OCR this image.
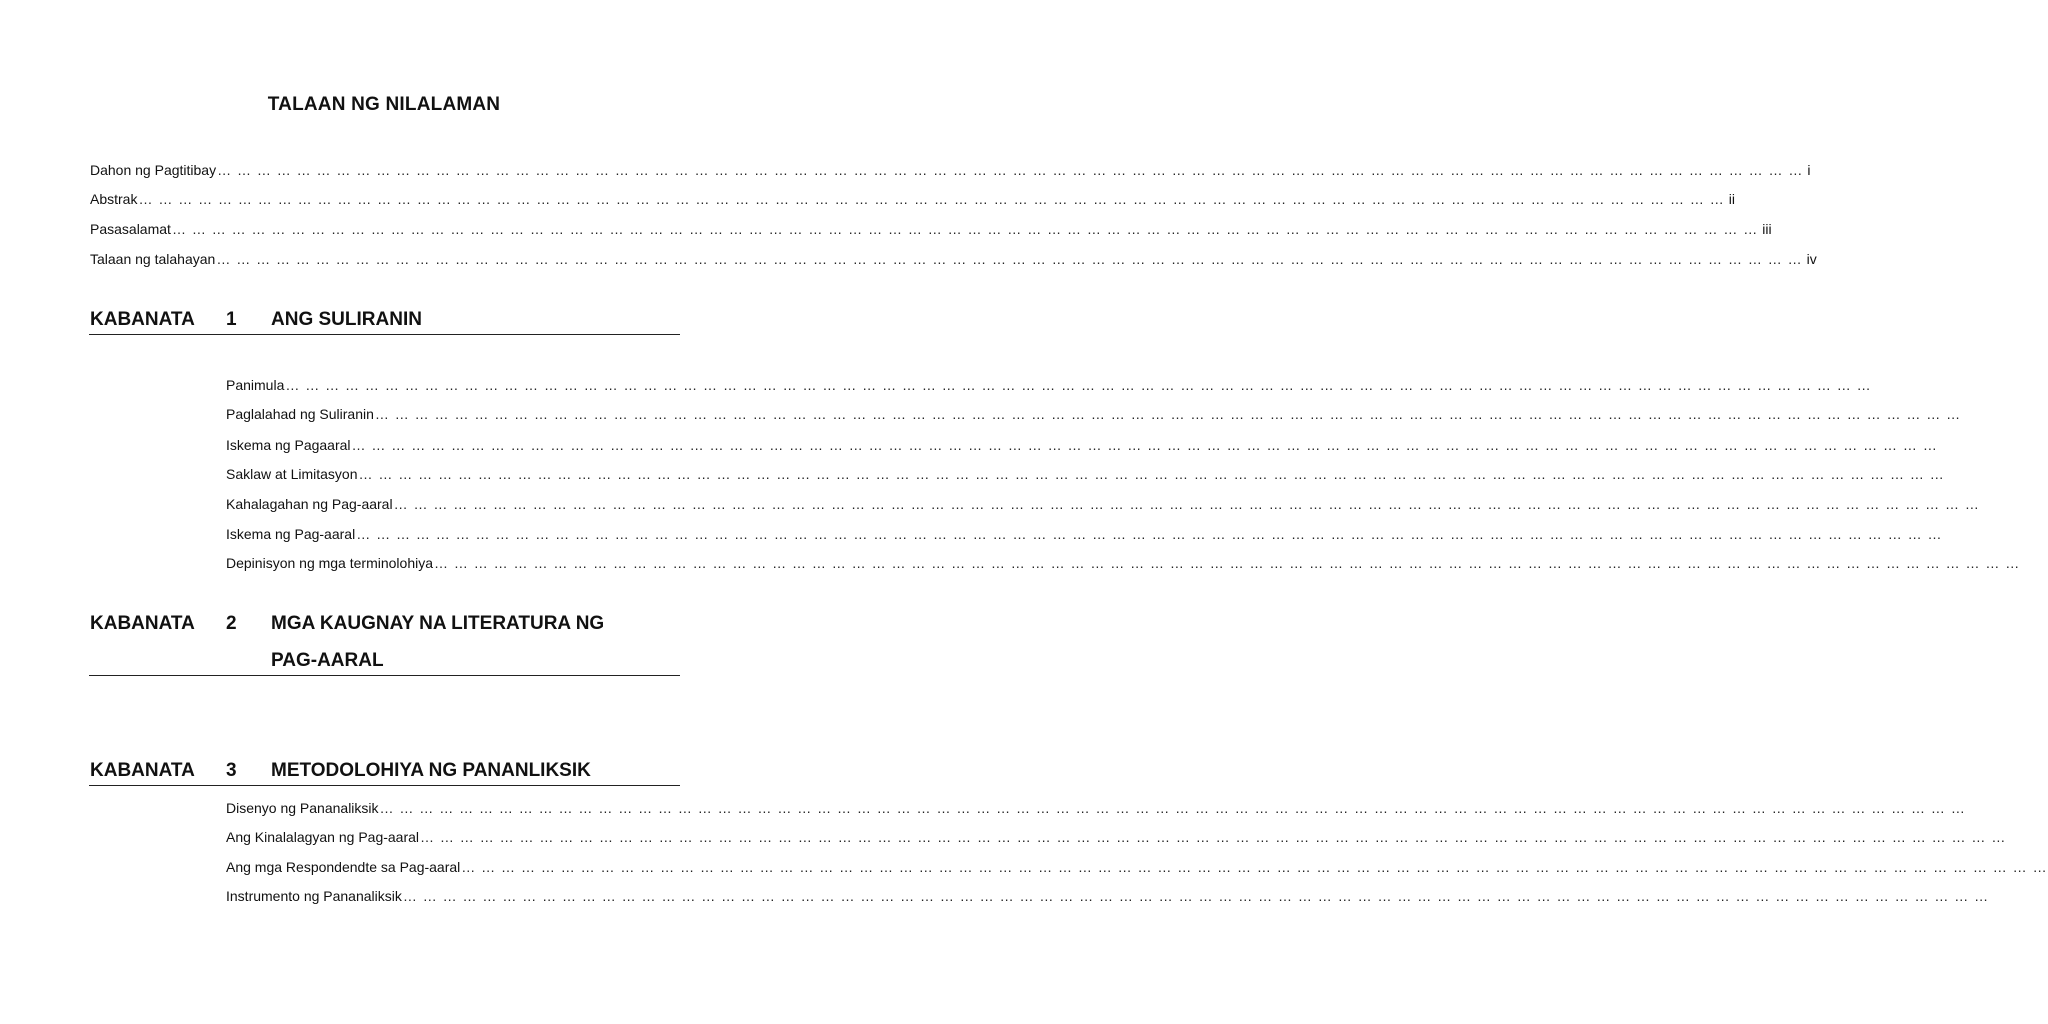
TALAAN NG NILALAMAN
Dahon ng Pagtitibay … … … … … … … … … … … … … … … … … … … … … … … … … … … … … … … … … … … … … … … … … … … … … … … … … … … … … … … … … … … … … … … … … … … … … … … … … … … … … … … … i
Abstrak … … … … … … … … … … … … … … … … … … … … … … … … … … … … … … … … … … … … … … … … … … … … … … … … … … … … … … … … … … … … … … … … … … … … … … … … … … … … … … … … ii
Pasasalamat … … … … … … … … … … … … … … … … … … … … … … … … … … … … … … … … … … … … … … … … … … … … … … … … … … … … … … … … … … … … … … … … … … … … … … … … … … … … … … … … iii
Talaan ng talahayan … … … … … … … … … … … … … … … … … … … … … … … … … … … … … … … … … … … … … … … … … … … … … … … … … … … … … … … … … … … … … … … … … … … … … … … … … … … … … … … … iv
KABANATA 1 ANG SULIRANIN
Panimula … … … … … … … … … … … … … … … … … … … … … … … … … … … … … … … … … … … … … … … … … … … … … … … … … … … … … … … … … … … … … … … … … … … … … … … … … … … … … … … …
Paglalahad ng Suliranin … … … … … … … … … … … … … … … … … … … … … … … … … … … … … … … … … … … … … … … … … … … … … … … … … … … … … … … … … … … … … … … … … … … … … … … … … … … … … … … …
Iskema ng Pagaaral … … … … … … … … … … … … … … … … … … … … … … … … … … … … … … … … … … … … … … … … … … … … … … … … … … … … … … … … … … … … … … … … … … … … … … … … … … … … … … … …
Saklaw at Limitasyon … … … … … … … … … … … … … … … … … … … … … … … … … … … … … … … … … … … … … … … … … … … … … … … … … … … … … … … … … … … … … … … … … … … … … … … … … … … … … … … …
Kahalagahan ng Pag-aaral … … … … … … … … … … … … … … … … … … … … … … … … … … … … … … … … … … … … … … … … … … … … … … … … … … … … … … … … … … … … … … … … … … … … … … … … … … … … … … … …
Iskema ng Pag-aaral … … … … … … … … … … … … … … … … … … … … … … … … … … … … … … … … … … … … … … … … … … … … … … … … … … … … … … … … … … … … … … … … … … … … … … … … … … … … … … … …
Depinisyon ng mga terminolohiya … … … … … … … … … … … … … … … … … … … … … … … … … … … … … … … … … … … … … … … … … … … … … … … … … … … … … … … … … … … … … … … … … … … … … … … … … … … … … … … …
KABANATA 2 MGA KAUGNAY NA LITERATURA NG
PAG-AARAL
KABANATA 3 METODOLOHIYA NG PANANLIKSIK
Disenyo ng Pananaliksik … … … … … … … … … … … … … … … … … … … … … … … … … … … … … … … … … … … … … … … … … … … … … … … … … … … … … … … … … … … … … … … … … … … … … … … … … … … … … … … …
Ang Kinalalagyan ng Pag-aaral … … … … … … … … … … … … … … … … … … … … … … … … … … … … … … … … … … … … … … … … … … … … … … … … … … … … … … … … … … … … … … … … … … … … … … … … … … … … … … … …
Ang mga Respondendte sa Pag-aaral … … … … … … … … … … … … … … … … … … … … … … … … … … … … … … … … … … … … … … … … … … … … … … … … … … … … … … … … … … … … … … … … … … … … … … … … … … … … … … … …
Instrumento ng Pananaliksik … … … … … … … … … … … … … … … … … … … … … … … … … … … … … … … … … … … … … … … … … … … … … … … … … … … … … … … … … … … … … … … … … … … … … … … … … … … … … … … …
